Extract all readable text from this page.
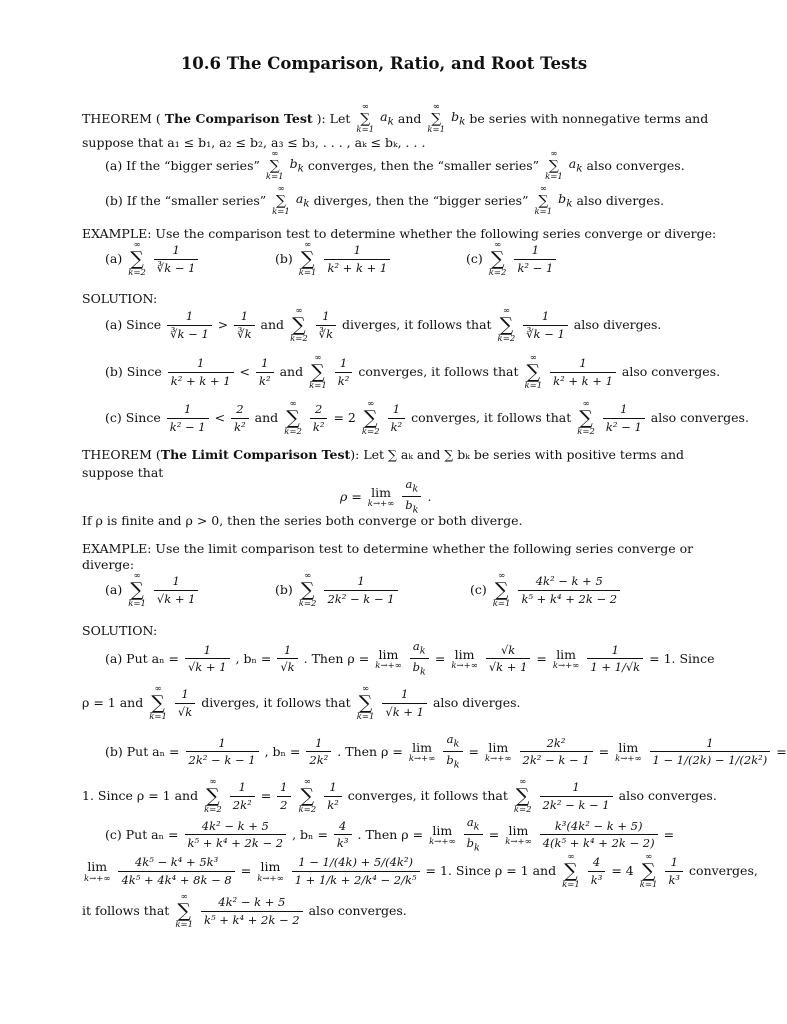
10.6 The Comparison, Ratio, and Root Tests
THEOREM ( The Comparison Test ): Let
∞
∑
k=1
$a_k$ and
∞
∑
k=1
$b_k$ be series with nonnegative terms and
suppose that a₁ ≤ b₁, a₂ ≤ b₂, a₃ ≤ b₃, . . . , aₖ ≤ bₖ, . . .
(a) If the “bigger series”
∞
∑
k=1
$b_k$ converges, then the “smaller series”
∞
∑
k=1
$a_k$ also converges.
(b) If the “smaller series”
∞
∑
k=1
$a_k$ diverges, then the “bigger series”
∞
∑
k=1
$b_k$ also diverges.
EXAMPLE: Use the comparison test to determine whether the following series converge or diverge:
(a)
∞
∑
$k=2 \frac{1}{∛k - 1}$	(b)
∞
∑
$k=1 \frac{1}{\text{k² + k + 1}}$	(c)
∞
∑
$k=2 \frac{1}{\text{k² − 1}}$
SOLUTION:
(a) Since $\frac{1}{∛k - 1} > \frac{1}{∛k}$ and
∞
∑
$k=2 \frac{1}{∛k}$ diverges, it follows that
∞
∑
$k=2 \frac{1}{∛k - 1}$ also diverges.
(b) Since $\frac{1}{\text{k² + k + 1}} < \frac{1}{\text{k²}}$ and
∞
∑
$k=1 \frac{1}{\text{k²}}$ converges, it follows that
∞
∑
$k=1 \frac{1}{\text{k² + k + 1}}$ also converges.
(c) Since $\frac{1}{\text{k² − 1}} < \frac{2}{\text{k²}}$ and
∞
∑
$k=2 \frac{2}{\text{k²}} = 2$
∞
∑
$k=2 \frac{1}{\text{k²}}$ converges, it follows that
∞
∑
$k=2 \frac{1}{\text{k² − 1}}$ also converges.
THEOREM (The Limit Comparison Test): Let ∑ aₖ and ∑ bₖ be series with positive terms and
suppose that
ρ = lim
$k\to+\infty \frac{a_k}{b_k}$ .
If ρ is finite and ρ > 0, then the series both converge or both diverge.
EXAMPLE: Use the limit comparison test to determine whether the following series converge or
diverge:
(a)
∞
∑
$k=1 \frac{1}{√k + 1}$	(b)
∞
∑
$k=2 \frac{1}{\text{2k² − k − 1}}$	(c)
∞
∑
$k=1 \frac{\text{4k² − k + 5}}{\text{k⁵ + k⁴ + 2k − 2}}$
SOLUTION:
(a) Put $a_n = \frac{1}{√k + 1}$ , $b_n = \frac{1}{√k}$ . Then ρ = lim
$k\to+\infty \frac{a_k}{b_k} = \lim$
$k\to+\infty \frac{√k}{√k + 1} = \lim$
$k\to+\infty \frac{1}{1 + 1/√k} = 1$. Since
ρ = 1 and
∞
∑
$k=1 \frac{1}{√k}$ diverges, it follows that
∞
∑
$k=1 \frac{1}{√k + 1}$ also diverges.
(b) Put $a_n = \frac{1}{\text{2k² − k − 1}}$ , $b_n = \frac{1}{\text{2k²}}$ . Then ρ = lim
$k\to+\infty \frac{a_k}{b_k} = \lim$
$k\to+\infty \frac{\text{2k²}}{\text{2k² − k − 1}} = \lim$
$k\to+\infty \frac{1}{\text{1 − 1/(2k) − 1/(2k²)}}$ =
1. Since ρ = 1 and
∞
∑
$k=2 \frac{1}{\text{2k²}} = \frac{1}{2}$ ∞
∑
$k=2 \frac{1}{\text{k²}}$ converges, it follows that
∞
∑
$k=2 \frac{1}{\text{2k² − k − 1}}$ also converges.
(c) Put $a_n = \frac{\text{4k² − k + 5}}{\text{k⁵ + k⁴ + 2k − 2}}$ , $b_n = \frac{4}{\text{k³}}$ . Then ρ = lim
$k\to+\infty \frac{a_k}{b_k} = \lim$
$k\to+\infty \frac{\text{k³(4k² − k + 5)}}{\text{4(k⁵ + k⁴ + 2k − 2)}}$ =
lim
$k\to+\infty \frac{\text{4k⁵ − k⁴ + 5k³}}{\text{4k⁵ + 4k⁴ + 8k − 8}} = \lim$
$k\to+\infty \frac{\text{1 − 1/(4k) + 5/(4k²)}}{\text{1 + 1/k + 2/k⁴ − 2/k⁵}} = 1$. Since ρ = 1 and
∞
∑
$k=1 \frac{4}{\text{k³}} = 4$
∞
∑
$k=1 \frac{1}{\text{k³}}$ converges,
it follows that
∞
∑
$k=1 \frac{\text{4k² − k + 5}}{\text{k⁵ + k⁴ + 2k − 2}}$ also converges.
